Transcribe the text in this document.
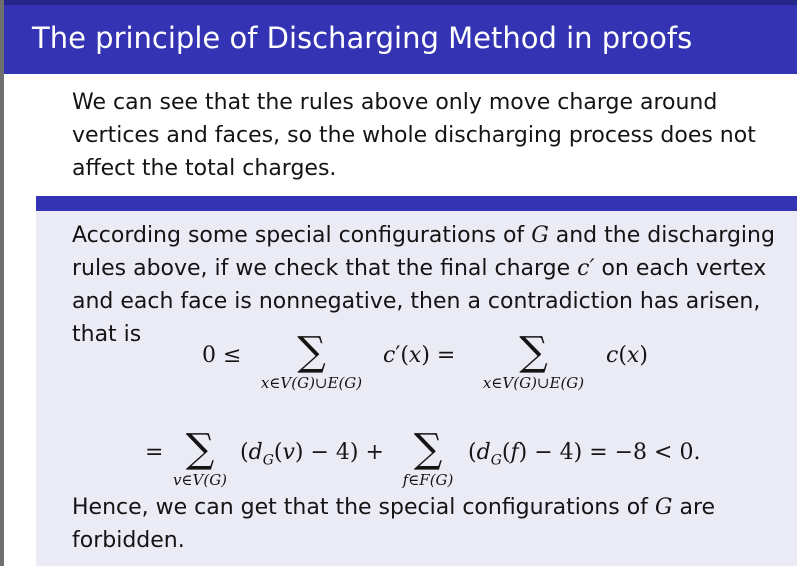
The principle of Discharging Method in proofs
We can see that the rules above only move charge around vertices and faces, so the whole discharging process does not affect the total charges.
According some special configurations of G and the discharging rules above, if we check that the final charge c′ on each vertex and each face is nonnegative, then a contradiction has arisen, that is
0 ≤	∑
x∈V(G)∪E(G)
c′(x) =	∑
x∈V(G)∪E(G)
c(x)
= ∑
v∈V(G)
$(d_G(v) - 4)$ + ∑
f∈F(G)
$(d_G(f) - 4) = -8 < 0$.
Hence, we can get that the special configurations of G are forbidden.
